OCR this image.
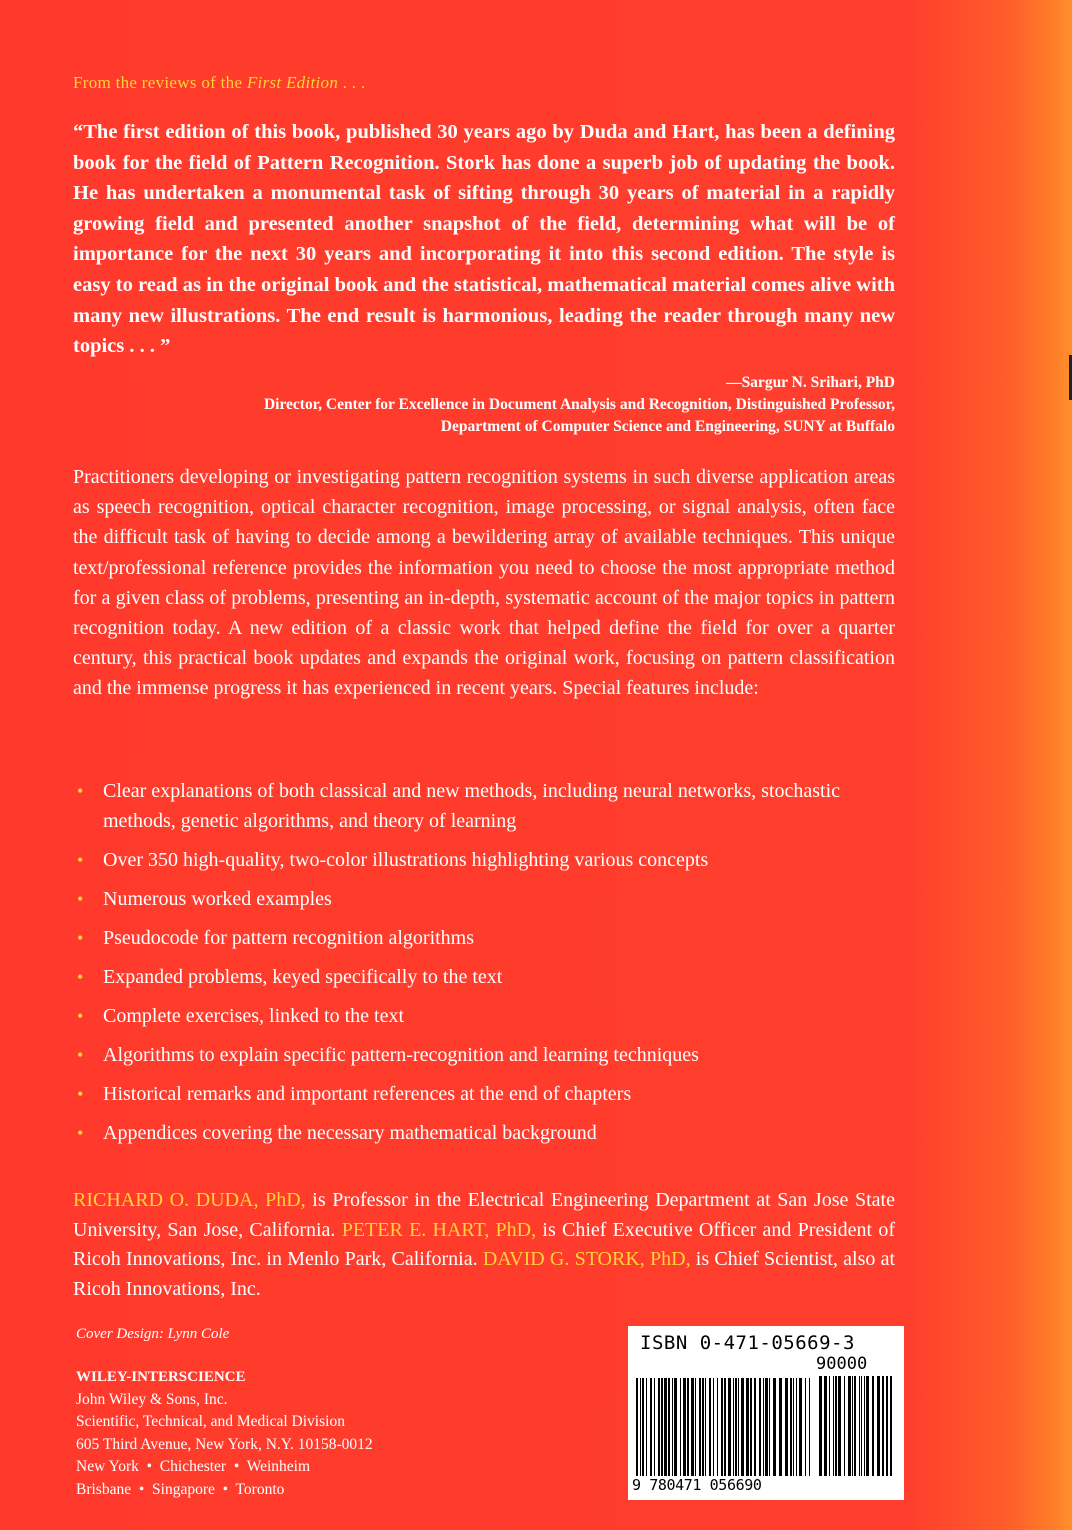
From the reviews of the First Edition . . .
“The first edition of this book, published 30 years ago by Duda and Hart, has been a defining book for the field of Pattern Recognition. Stork has done a superb job of updating the book. He has undertaken a monumental task of sifting through 30 years of material in a rapidly growing field and presented another snapshot of the field, determining what will be of importance for the next 30 years and incorporating it into this second edition. The style is easy to read as in the original book and the statistical, mathematical material comes alive with many new illustrations. The end result is harmonious, leading the reader through many new topics . . . ”
—Sargur N. Srihari, PhD
Director, Center for Excellence in Document Analysis and Recognition, Distinguished Professor,
Department of Computer Science and Engineering, SUNY at Buffalo
Practitioners developing or investigating pattern recognition systems in such diverse application areas as speech recognition, optical character recognition, image processing, or signal analysis, often face the difficult task of having to decide among a bewildering array of available techniques. This unique text/professional reference provides the information you need to choose the most appropriate method for a given class of problems, presenting an in-depth, systematic account of the major topics in pattern recognition today. A new edition of a classic work that helped define the field for over a quarter century, this practical book updates and expands the original work, focusing on pattern classification and the immense progress it has experienced in recent years. Special features include:
• Clear explanations of both classical and new methods, including neural networks, stochastic methods, genetic algorithms, and theory of learning
• Over 350 high-quality, two-color illustrations highlighting various concepts
• Numerous worked examples
• Pseudocode for pattern recognition algorithms
• Expanded problems, keyed specifically to the text
• Complete exercises, linked to the text
• Algorithms to explain specific pattern-recognition and learning techniques
• Historical remarks and important references at the end of chapters
• Appendices covering the necessary mathematical background
RICHARD O. DUDA, PhD, is Professor in the Electrical Engineering Department at San Jose State University, San Jose, California. PETER E. HART, PhD, is Chief Executive Officer and President of Ricoh Innovations, Inc. in Menlo Park, California. DAVID G. STORK, PhD, is Chief Scientist, also at Ricoh Innovations, Inc.
Cover Design: Lynn Cole
WILEY-INTERSCIENCE
John Wiley & Sons, Inc.
Scientific, Technical, and Medical Division
605 Third Avenue, New York, N.Y. 10158-0012
New York  •  Chichester  •  Weinheim
Brisbane  •  Singapore  •  Toronto
ISBN 0-471-05669-3
90000
9 780471 056690
